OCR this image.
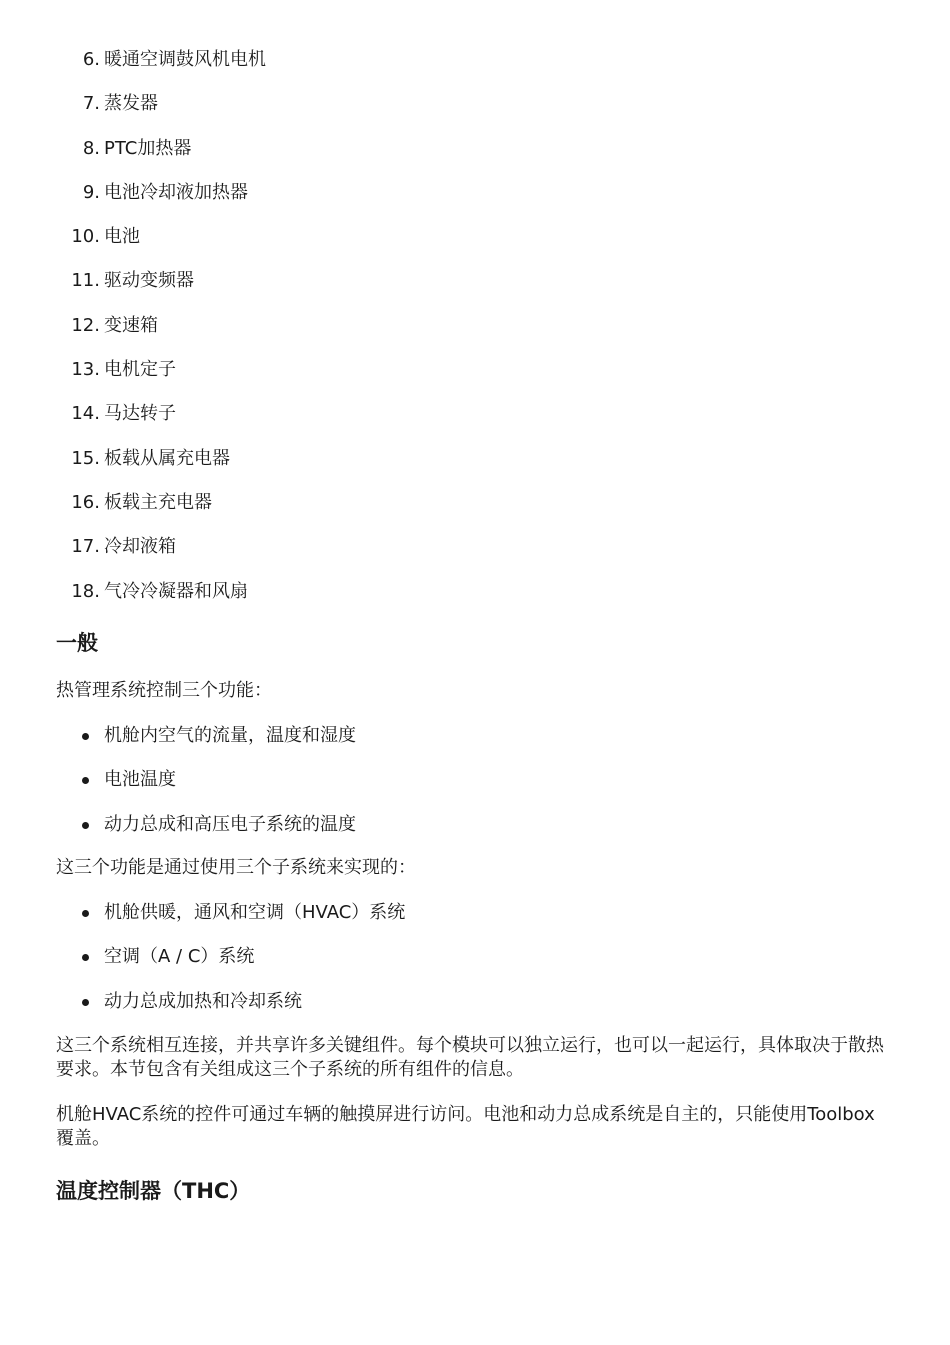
6. 暖通空调鼓风机电机
7. 蒸发器
8. PTC加热器
9. 电池冷却液加热器
10. 电池
11. 驱动变频器
12. 变速箱
13. 电机定子
14. 马达转子
15. 板载从属充电器
16. 板载主充电器
17. 冷却液箱
18. 气冷冷凝器和风扇
一般

热管理系统控制三个功能：

机舱内空气的流量，温度和湿度
电池温度
动力总成和高压电子系统的温度

这三个功能是通过使用三个子系统来实现的：

机舱供暖，通风和空调（HVAC）系统
空调（A / C）系统
动力总成加热和冷却系统

这三个系统相互连接，并共享许多关键组件。每个模块可以独立运行，也可以一起运行，具体取决于散热要求。本节包含有关组成这三个子系统的所有组件的信息。

机舱HVAC系统的控件可通过车辆的触摸屏进行访问。电池和动力总成系统是自主的，只能使用Toolbox覆盖。

温度控制器（THC）
